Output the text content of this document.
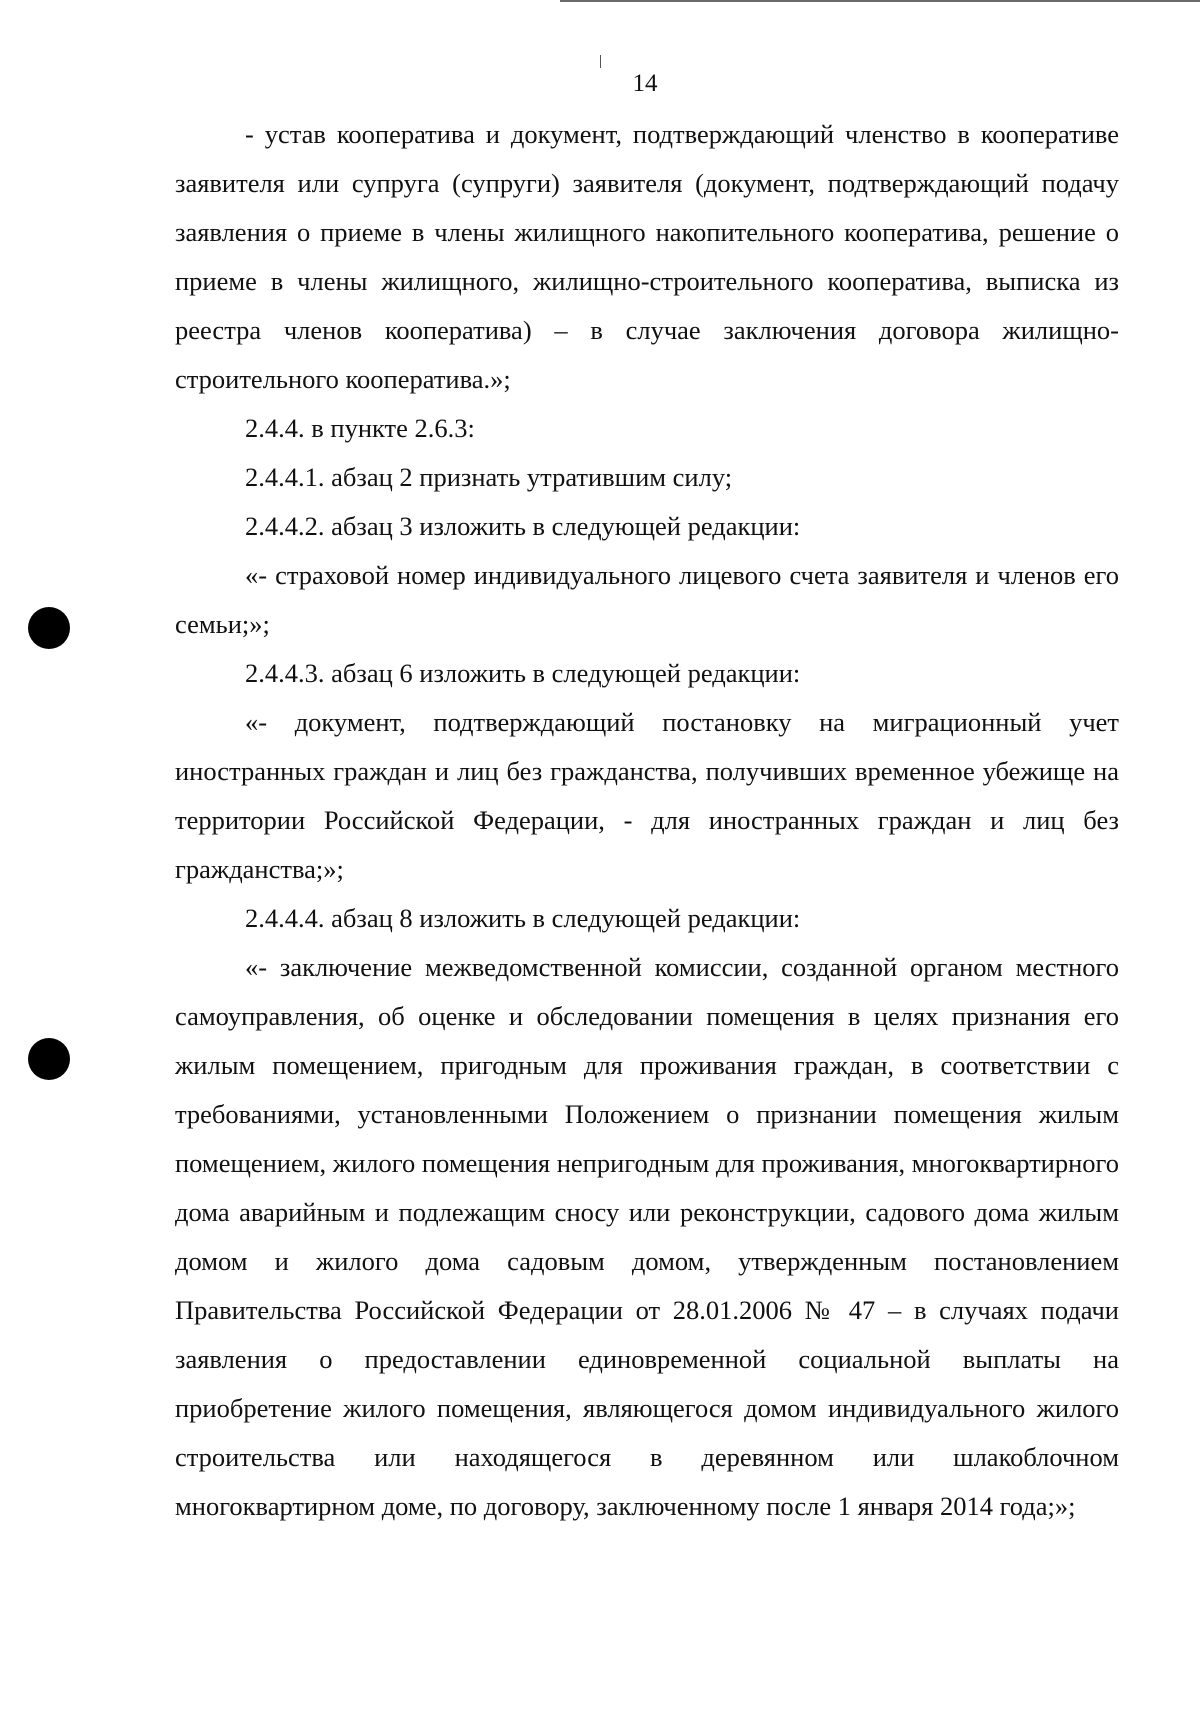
14

- устав кооператива и документ, подтверждающий членство в кооперативе заявителя или супруга (супруги) заявителя (документ, подтверждающий подачу заявления о приеме в члены жилищного накопительного кооператива, решение о приеме в члены жилищного, жилищно-строительного кооператива, выписка из реестра членов кооператива) – в случае заключения договора жилищно-строительного кооператива.»;

2.4.4. в пункте 2.6.3:

2.4.4.1. абзац 2 признать утратившим силу;

2.4.4.2. абзац 3 изложить в следующей редакции:

«- страховой номер индивидуального лицевого счета заявителя и членов его семьи;»;

2.4.4.3. абзац 6 изложить в следующей редакции:

«- документ, подтверждающий постановку на миграционный учет иностранных граждан и лиц без гражданства, получивших временное убежище на территории Российской Федерации, - для иностранных граждан и лиц без гражданства;»;

2.4.4.4. абзац 8 изложить в следующей редакции:

«- заключение межведомственной комиссии, созданной органом местного самоуправления, об оценке и обследовании помещения в целях признания его жилым помещением, пригодным для проживания граждан, в соответствии с требованиями, установленными Положением о признании помещения жилым помещением, жилого помещения непригодным для проживания, многоквартирного дома аварийным и подлежащим сносу или реконструкции, садового дома жилым домом и жилого дома садовым домом, утвержденным постановлением Правительства Российской Федерации от 28.01.2006 № 47 – в случаях подачи заявления о предоставлении единовременной социальной выплаты на приобретение жилого помещения, являющегося домом индивидуального жилого строительства или находящегося в деревянном или шлакоблочном многоквартирном доме, по договору, заключенному после 1 января 2014 года;»;
